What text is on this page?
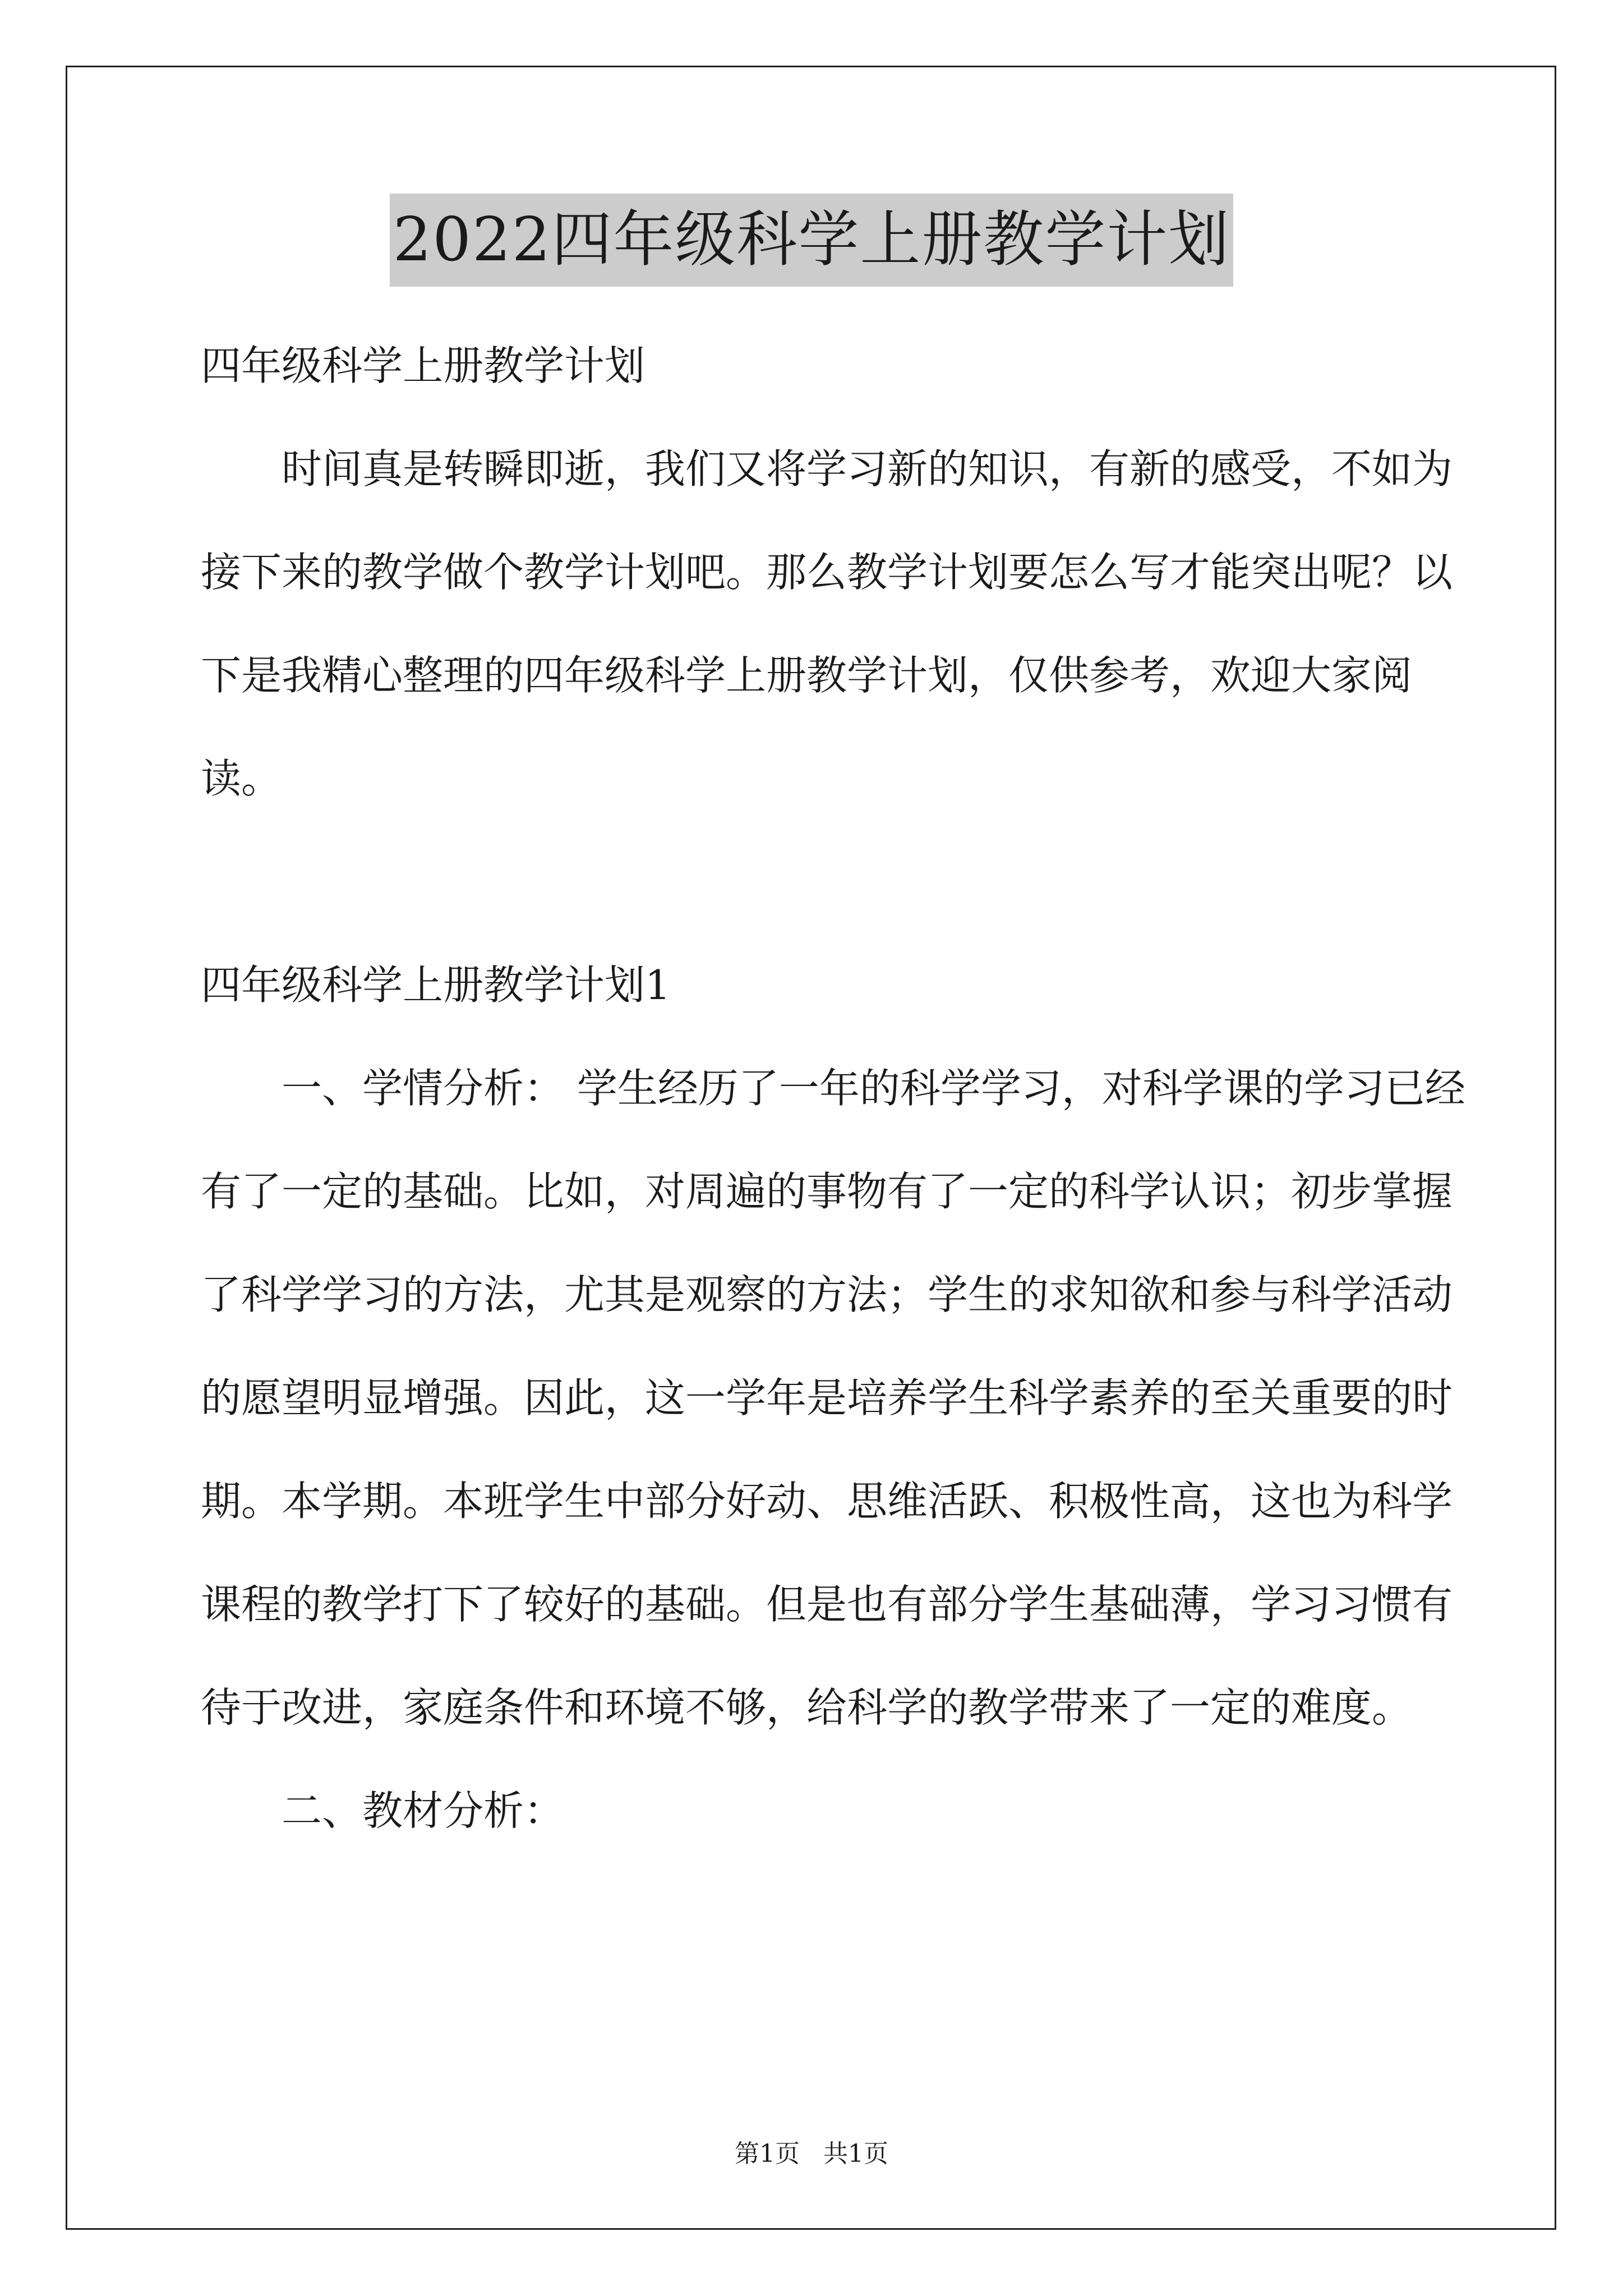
2022四年级科学上册教学计划

四年级科学上册教学计划

时间真是转瞬即逝，我们又将学习新的知识，有新的感受，不如为接下来的教学做个教学计划吧。那么教学计划要怎么写才能突出呢？以下是我精心整理的四年级科学上册教学计划，仅供参考，欢迎大家阅读。

四年级科学上册教学计划1

一、学情分析： 学生经历了一年的科学学习，对科学课的学习已经有了一定的基础。比如，对周遍的事物有了一定的科学认识；初步掌握了科学学习的方法，尤其是观察的方法；学生的求知欲和参与科学活动的愿望明显增强。因此，这一学年是培养学生科学素养的至关重要的时期。本学期。本班学生中部分好动、思维活跃、积极性高，这也为科学课程的教学打下了较好的基础。但是也有部分学生基础薄，学习习惯有待于改进，家庭条件和环境不够，给科学的教学带来了一定的难度。

二、教材分析：

第1页   共1页
